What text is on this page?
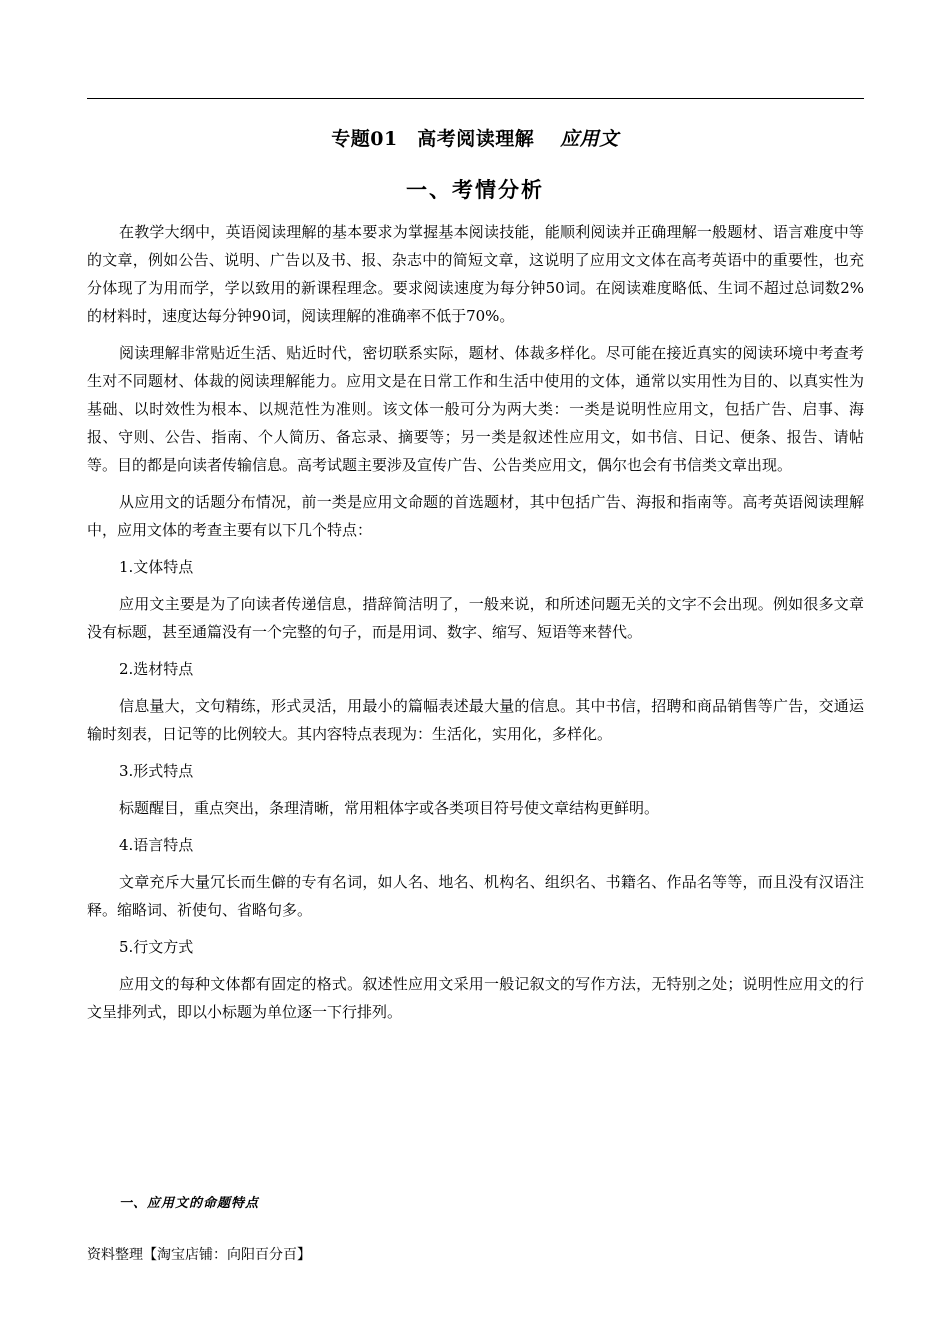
专题01　高考阅读理解 应用文
一、考情分析

在教学大纲中，英语阅读理解的基本要求为掌握基本阅读技能，能顺利阅读并正确理解一般题材、语言难度中等的文章，例如公告、说明、广告以及书、报、杂志中的简短文章，这说明了应用文文体在高考英语中的重要性，也充分体现了为用而学，学以致用的新课程理念。要求阅读速度为每分钟50词。在阅读难度略低、生词不超过总词数2%的材料时，速度达每分钟90词，阅读理解的准确率不低于70%。

阅读理解非常贴近生活、贴近时代，密切联系实际，题材、体裁多样化。尽可能在接近真实的阅读环境中考查考生对不同题材、体裁的阅读理解能力。应用文是在日常工作和生活中使用的文体，通常以实用性为目的、以真实性为基础、以时效性为根本、以规范性为准则。该文体一般可分为两大类：一类是说明性应用文，包括广告、启事、海报、守则、公告、指南、个人简历、备忘录、摘要等；另一类是叙述性应用文，如书信、日记、便条、报告、请帖等。目的都是向读者传输信息。高考试题主要涉及宣传广告、公告类应用文，偶尔也会有书信类文章出现。

从应用文的话题分布情况，前一类是应用文命题的首选题材，其中包括广告、海报和指南等。高考英语阅读理解中，应用文体的考查主要有以下几个特点：

1.文体特点

应用文主要是为了向读者传递信息，措辞简洁明了，一般来说，和所述问题无关的文字不会出现。例如很多文章没有标题，甚至通篇没有一个完整的句子，而是用词、数字、缩写、短语等来替代。

2.选材特点

信息量大，文句精练，形式灵活，用最小的篇幅表述最大量的信息。其中书信，招聘和商品销售等广告，交通运输时刻表，日记等的比例较大。其内容特点表现为：生活化，实用化，多样化。

3.形式特点

标题醒目，重点突出，条理清晰，常用粗体字或各类项目符号使文章结构更鲜明。

4.语言特点

文章充斥大量冗长而生僻的专有名词，如人名、地名、机构名、组织名、书籍名、作品名等等，而且没有汉语注释。缩略词、祈使句、省略句多。

5.行文方式

应用文的每种文体都有固定的格式。叙述性应用文采用一般记叙文的写作方法，无特别之处；说明性应用文的行文呈排列式，即以小标题为单位逐一下行排列。

一、应用文的命题特点
资料整理【淘宝店铺：向阳百分百】
